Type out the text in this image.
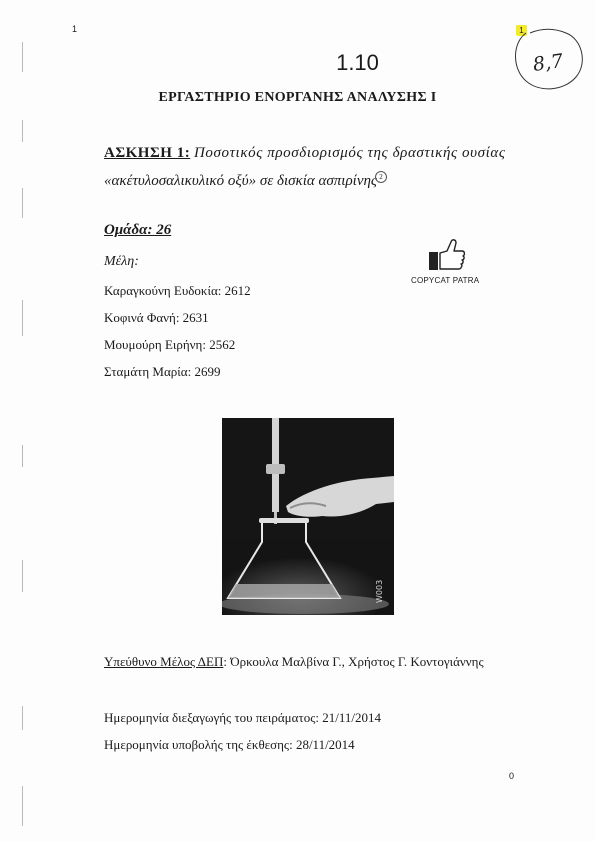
1	1
8,7
1.10
ΕΡΓΑΣΤΗΡΙΟ ΕΝΟΡΓΑΝΗΣ ΑΝΑΛΥΣΗΣ Ι
ΑΣΚΗΣΗ 1: Ποσοτικός προσδιορισμός της δραστικής ουσίας
«ακέτυλοσαλικυλικό οξύ» σε δισκία ασπιρίνης 2
Ομάδα: 26
Μέλη:
Καραγκούνη Ευδοκία: 2612
Κοφινά Φανή: 2631
Μουμούρη Ειρήνη: 2562
Σταμάτη Μαρία: 2699
COPYCAT PATRA
W003
Υπεύθυνο Μέλος ΔΕΠ: Όρκουλα Μαλβίνα Γ., Χρήστος Γ. Κοντογιάννης
Ημερομηνία διεξαγωγής του πειράματος: 21/11/2014
Ημερομηνία υποβολής της έκθεσης: 28/11/2014
0
